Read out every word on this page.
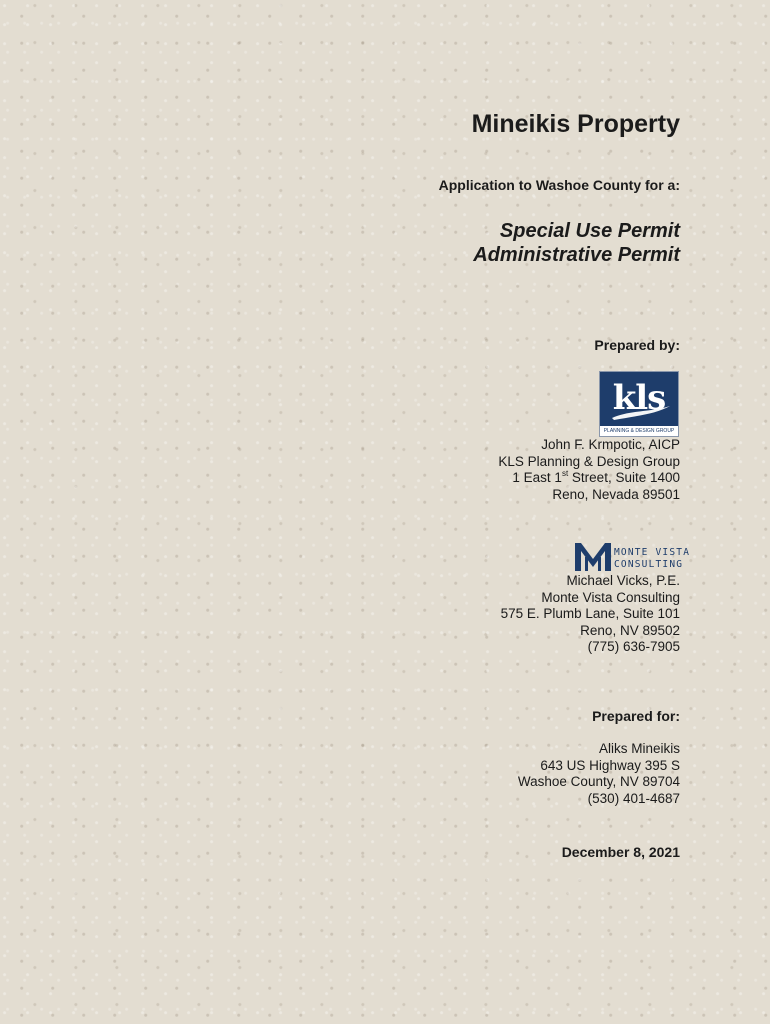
Mineikis Property
Application to Washoe County for a:
Special Use Permit
Administrative Permit
Prepared by:
kls
PLANNING & DESIGN GROUP
John F. Krmpotic, AICP
KLS Planning & Design Group
1 East 1st Street, Suite 1400
Reno, Nevada 89501
MONTE VISTA
CONSULTING
Michael Vicks, P.E.
Monte Vista Consulting
575 E. Plumb Lane, Suite 101
Reno, NV 89502
(775) 636-7905
Prepared for:
Aliks Mineikis
643 US Highway 395 S
Washoe County, NV 89704
(530) 401-4687
December 8, 2021
